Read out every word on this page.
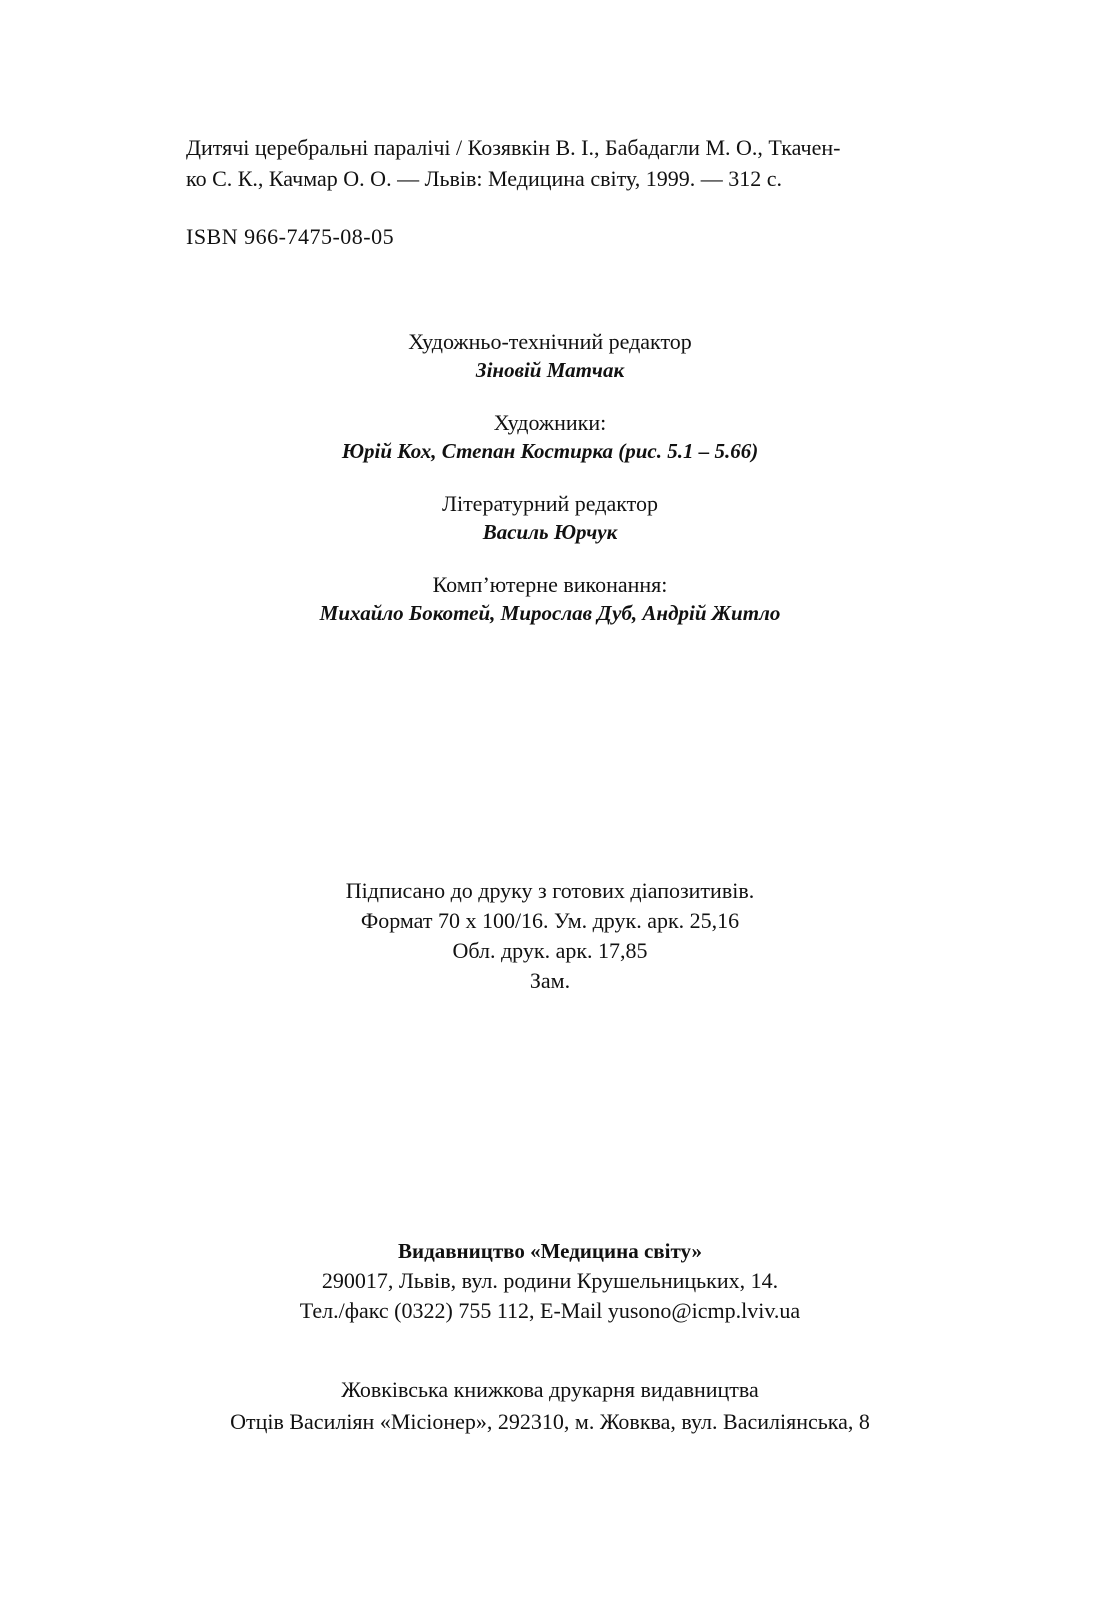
Дитячі церебральні паралічі / Козявкін В. І., Бабадагли М. О., Ткачен-
ко С. К., Качмар О. О. — Львів: Медицина світу, 1999. — 312 с.
ISBN 966-7475-08-05
Художньо-технічний редактор
Зіновій Матчак
Художники:
Юрій Кох, Степан Костирка (рис. 5.1 – 5.66)
Літературний редактор
Василь Юрчук
Комп’ютерне виконання:
Михайло Бокотей, Мирослав Дуб, Андрій Житло
Підписано до друку з готових діапозитивів.
Формат 70 x 100/16. Ум. друк. арк. 25,16
Обл. друк. арк. 17,85
Зам.
Видавництво «Медицина світу»
290017, Львів, вул. родини Крушельницьких, 14.
Тел./факс (0322) 755 112, E-Mail yusono@icmp.lviv.ua
Жовківська книжкова друкарня видавництва
Отців Василіян «Місіонер», 292310, м. Жовква, вул. Василіянська, 8
